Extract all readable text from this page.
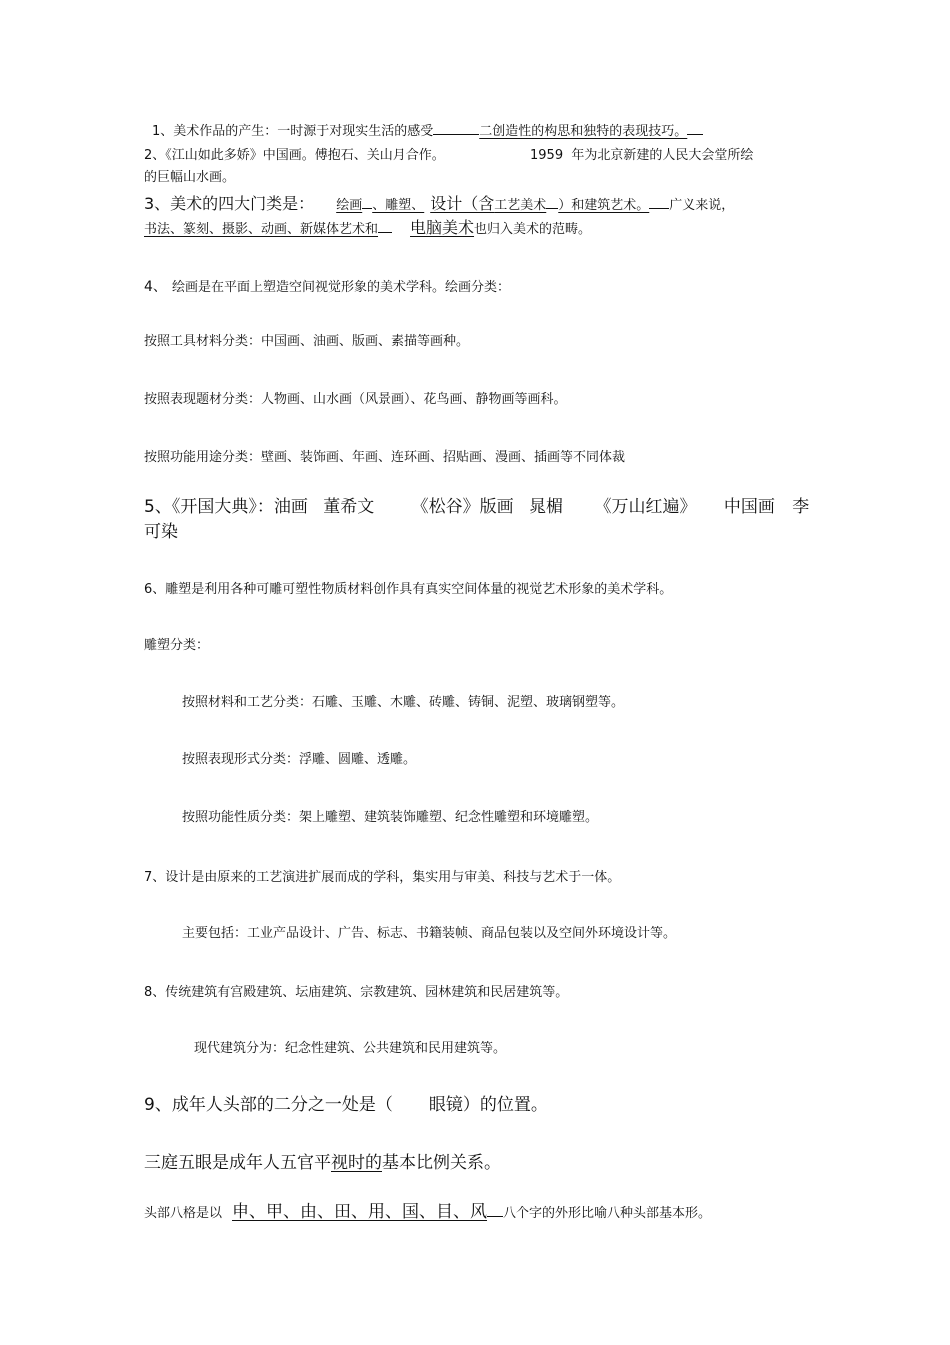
1、美术作品的产生：一时源于对现实生活的感受	二创造性的构思和独特的表现技巧。
2、《江山如此多娇》中国画。傅抱石、关山月合作。	1959 年为北京新建的人民大会堂所绘
的巨幅山水画。
3、美术的四大门类是： 绘画 、雕塑、 设计（含工艺美术 ）和建筑艺术。 广义来说，
书法、篆刻、摄影、动画、新媒体艺术和 电脑美术也归入美术的范畴。
4、 绘画是在平面上塑造空间视觉形象的美术学科。绘画分类：
按照工具材料分类：中国画、油画、版画、素描等画种。
按照表现题材分类：人物画、山水画（风景画）、花鸟画、静物画等画科。
按照功能用途分类：壁画、装饰画、年画、连环画、招贴画、漫画、插画等不同体裁
5、《开国大典》：油画 董希文 《松谷》版画 晁楣 《万山红遍》 中国画 李
可染
6、雕塑是利用各种可雕可塑性物质材料创作具有真实空间体量的视觉艺术形象的美术学科。
雕塑分类：
按照材料和工艺分类：石雕、玉雕、木雕、砖雕、铸铜、泥塑、玻璃钢塑等。
按照表现形式分类：浮雕、圆雕、透雕。
按照功能性质分类：架上雕塑、建筑装饰雕塑、纪念性雕塑和环境雕塑。
7、设计是由原来的工艺演进扩展而成的学科，集实用与审美、科技与艺术于一体。
主要包括：工业产品设计、广告、标志、书籍装帧、商品包装以及空间外环境设计等。
8、传统建筑有宫殿建筑、坛庙建筑、宗教建筑、园林建筑和民居建筑等。
现代建筑分为：纪念性建筑、公共建筑和民用建筑等。
9、成年人头部的二分之一处是（ 眼镜）的位置。
三庭五眼是成年人五官平视时的基本比例关系。
头部八格是以 申、甲、由、田、用、国、目、风 八个字的外形比喻八种头部基本形。
